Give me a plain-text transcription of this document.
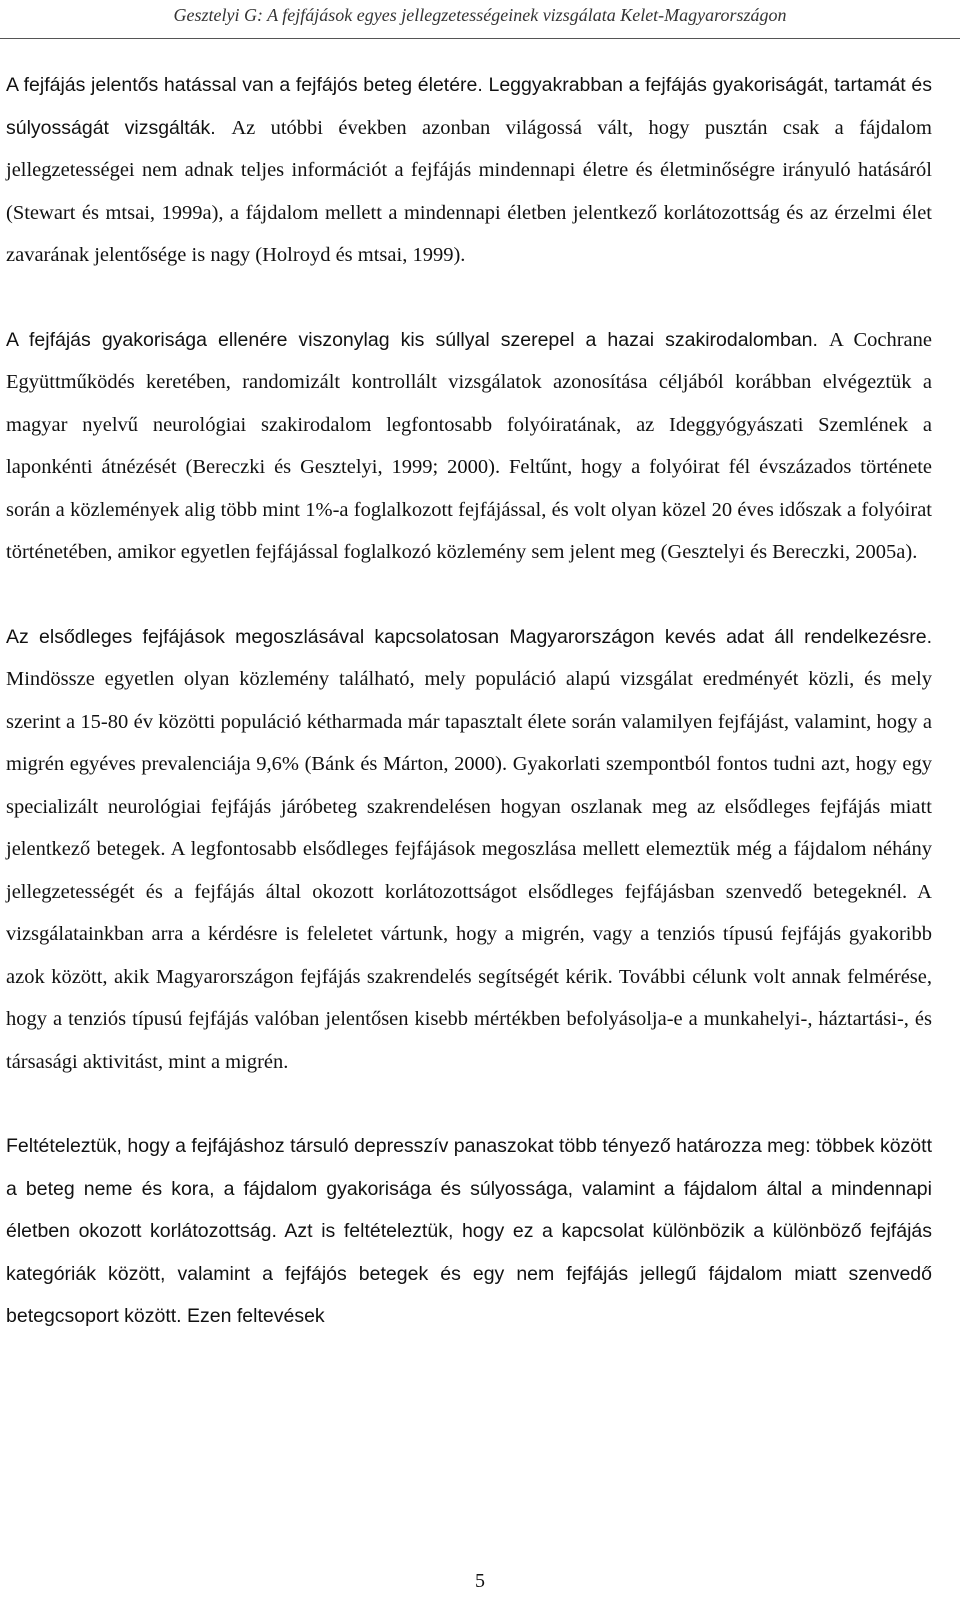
Gesztelyi G: A fejfájások egyes jellegzetességeinek vizsgálata Kelet-Magyarországon

A fejfájás jelentős hatással van a fejfájós beteg életére. Leggyakrabban a fejfájás gyakoriságát, tartamát és súlyosságát vizsgálták. Az utóbbi években azonban világossá vált, hogy pusztán csak a fájdalom jellegzetességei nem adnak teljes információt a fejfájás mindennapi életre és életminőségre irányuló hatásáról (Stewart és mtsai, 1999a), a fájdalom mellett a mindennapi életben jelentkező korlátozottság és az érzelmi élet zavarának jelentősége is nagy (Holroyd és mtsai, 1999).

A fejfájás gyakorisága ellenére viszonylag kis súllyal szerepel a hazai szakirodalomban. A Cochrane Együttműködés keretében, randomizált kontrollált vizsgálatok azonosítása céljából korábban elvégeztük a magyar nyelvű neurológiai szakirodalom legfontosabb folyóiratának, az Ideggyógyászati Szemlének a laponkénti átnézését (Bereczki és Gesztelyi, 1999; 2000). Feltűnt, hogy a folyóirat fél évszázados története során a közlemények alig több mint 1%-a foglalkozott fejfájással, és volt olyan közel 20 éves időszak a folyóirat történetében, amikor egyetlen fejfájással foglalkozó közlemény sem jelent meg (Gesztelyi és Bereczki, 2005a).

Az elsődleges fejfájások megoszlásával kapcsolatosan Magyarországon kevés adat áll rendelkezésre. Mindössze egyetlen olyan közlemény található, mely populáció alapú vizsgálat eredményét közli, és mely szerint a 15-80 év közötti populáció kétharmada már tapasztalt élete során valamilyen fejfájást, valamint, hogy a migrén egyéves prevalenciája 9,6% (Bánk és Márton, 2000). Gyakorlati szempontból fontos tudni azt, hogy egy specializált neurológiai fejfájás járóbeteg szakrendelésen hogyan oszlanak meg az elsődleges fejfájás miatt jelentkező betegek. A legfontosabb elsődleges fejfájások megoszlása mellett elemeztük még a fájdalom néhány jellegzetességét és a fejfájás által okozott korlátozottságot elsődleges fejfájásban szenvedő betegeknél. A vizsgálatainkban arra a kérdésre is feleletet vártunk, hogy a migrén, vagy a tenziós típusú fejfájás gyakoribb azok között, akik Magyarországon fejfájás szakrendelés segítségét kérik. További célunk volt annak felmérése, hogy a tenziós típusú fejfájás valóban jelentősen kisebb mértékben befolyásolja-e a munkahelyi-, háztartási-, és társasági aktivitást, mint a migrén.

Feltételeztük, hogy a fejfájáshoz társuló depresszív panaszokat több tényező határozza meg: többek között a beteg neme és kora, a fájdalom gyakorisága és súlyossága, valamint a fájdalom által a mindennapi életben okozott korlátozottság. Azt is feltételeztük, hogy ez a kapcsolat különbözik a különböző fejfájás kategóriák között, valamint a fejfájós betegek és egy nem fejfájás jellegű fájdalom miatt szenvedő betegcsoport között. Ezen feltevések

5
